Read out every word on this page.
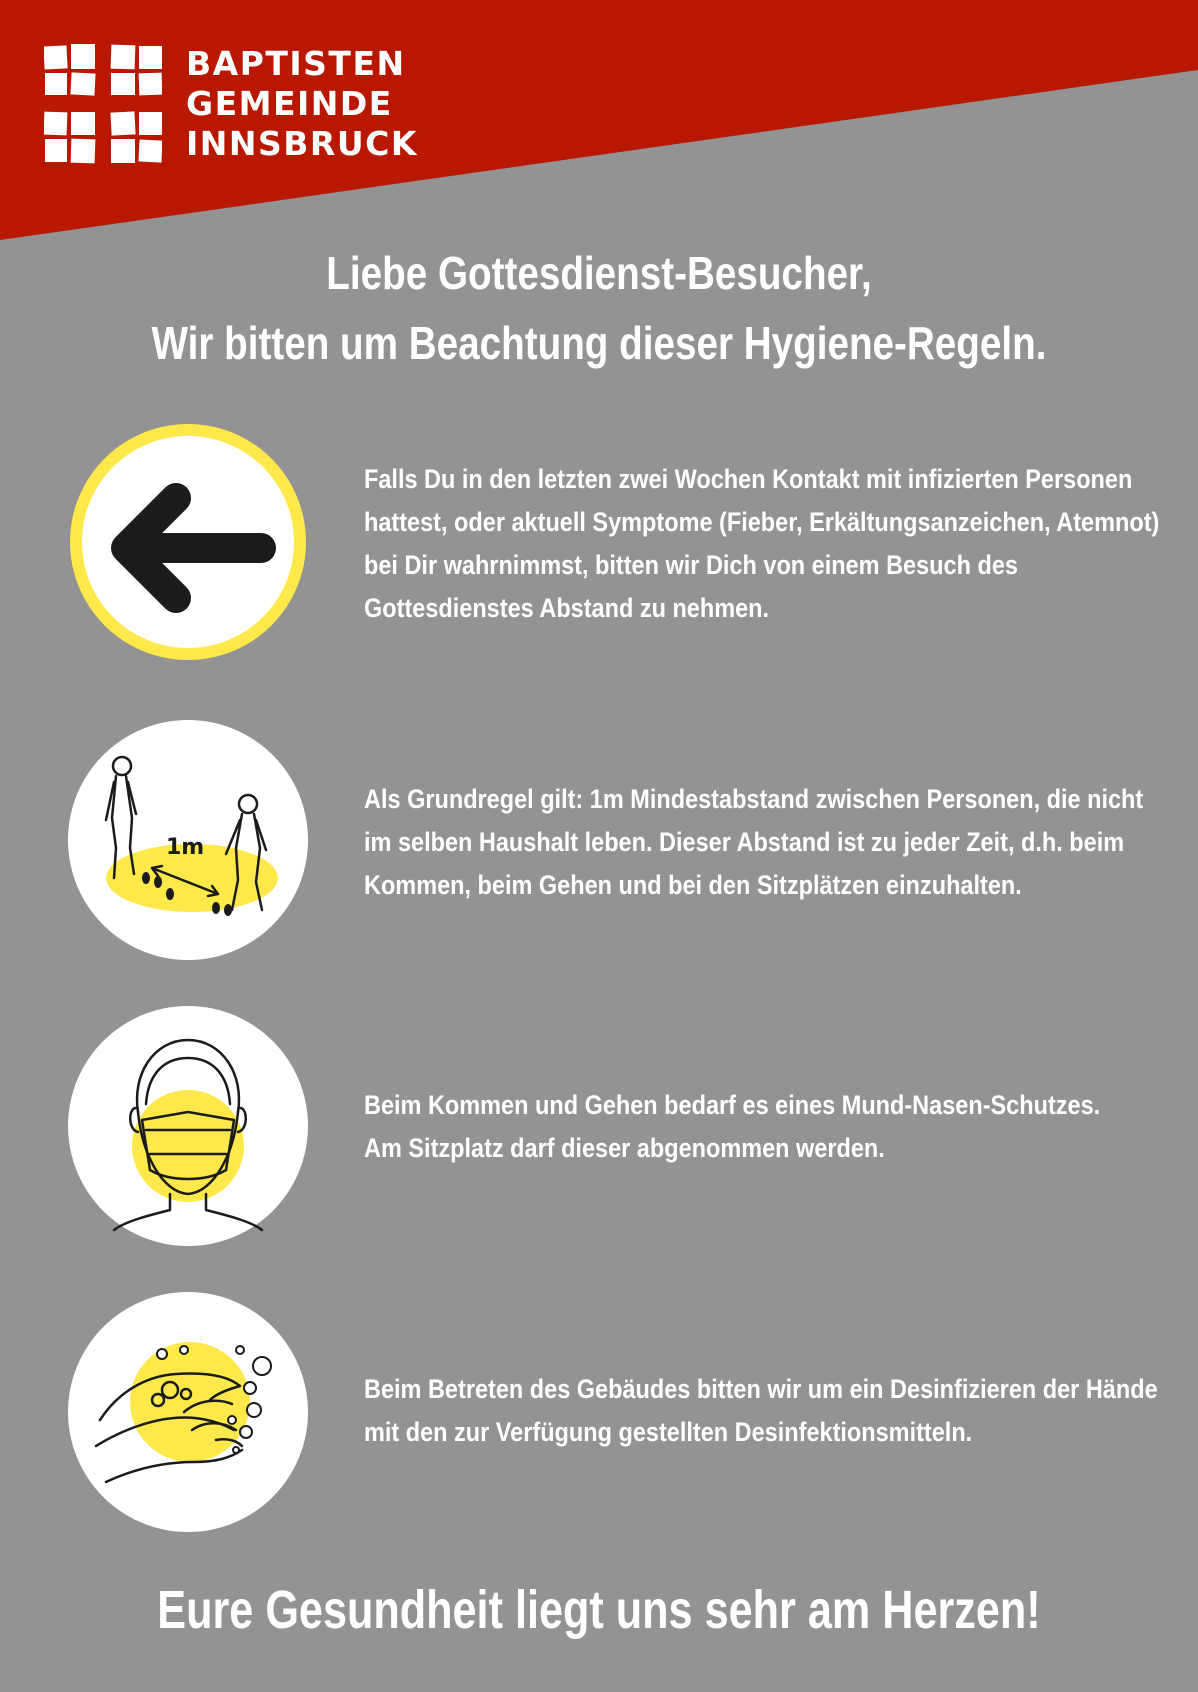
BAPTISTEN
GEMEINDE
INNSBRUCK
Liebe Gottesdienst-Besucher,
Wir bitten um Beachtung dieser Hygiene-Regeln.
Falls Du in den letzten zwei Wochen Kontakt mit infizierten Personen
hattest, oder aktuell Symptome (Fieber, Erkältungsanzeichen, Atemnot)
bei Dir wahrnimmst, bitten wir Dich von einem Besuch des
Gottesdienstes Abstand zu nehmen.
1m
Als Grundregel gilt: 1m Mindestabstand zwischen Personen, die nicht
im selben Haushalt leben. Dieser Abstand ist zu jeder Zeit, d.h. beim
Kommen, beim Gehen und bei den Sitzplätzen einzuhalten.
Beim Kommen und Gehen bedarf es eines Mund-Nasen-Schutzes.
Am Sitzplatz darf dieser abgenommen werden.
Beim Betreten des Gebäudes bitten wir um ein Desinfizieren der Hände
mit den zur Verfügung gestellten Desinfektionsmitteln.
Eure Gesundheit liegt uns sehr am Herzen!
